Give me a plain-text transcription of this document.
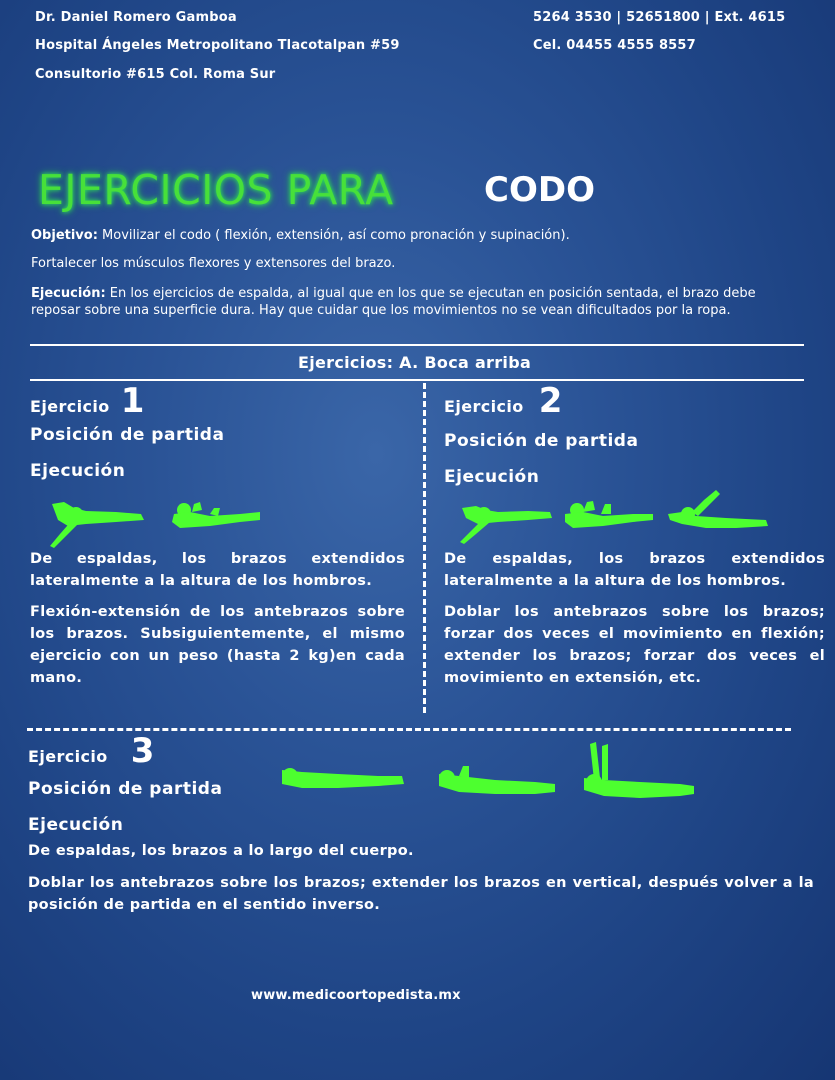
Dr. Daniel Romero Gamboa
Hospital Ángeles Metropolitano Tlacotalpan #59
Consultorio #615 Col. Roma Sur
5264 3530 | 52651800 | Ext. 4615
Cel. 04455 4555 8557
EJERCICIOS PARA	CODO
Objetivo: Movilizar el codo ( flexión, extensión, así como pronación y supinación).
Fortalecer los músculos flexores y extensores del brazo.
Ejecución: En los ejercicios de espalda, al igual que en los que se ejecutan en posición sentada, el brazo debe reposar sobre una superficie dura. Hay que cuidar que los movimientos no se vean dificultados por la ropa.
Ejercicios: A. Boca arriba
Ejercicio 1
Posición de partida
Ejecución
De espaldas, los brazos extendidos lateralmente a la altura de los hombros.
Flexión-extensión de los antebrazos sobre los brazos. Subsiguientemente, el mismo ejercicio con un peso (hasta 2 kg)en cada mano.
Ejercicio 2
Posición de partida
Ejecución
De espaldas, los brazos extendidos lateralmente a la altura de los hombros.
Doblar los antebrazos sobre los brazos; forzar dos veces el movimiento en flexión; extender los brazos; forzar dos veces el movimiento en extensión, etc.
Ejercicio 3
Posición de partida
Ejecución
De espaldas, los brazos a lo largo del cuerpo.
Doblar los antebrazos sobre los brazos; extender los brazos en vertical, después volver a la posición de partida en el sentido inverso.
www.medicoortopedista.mx
